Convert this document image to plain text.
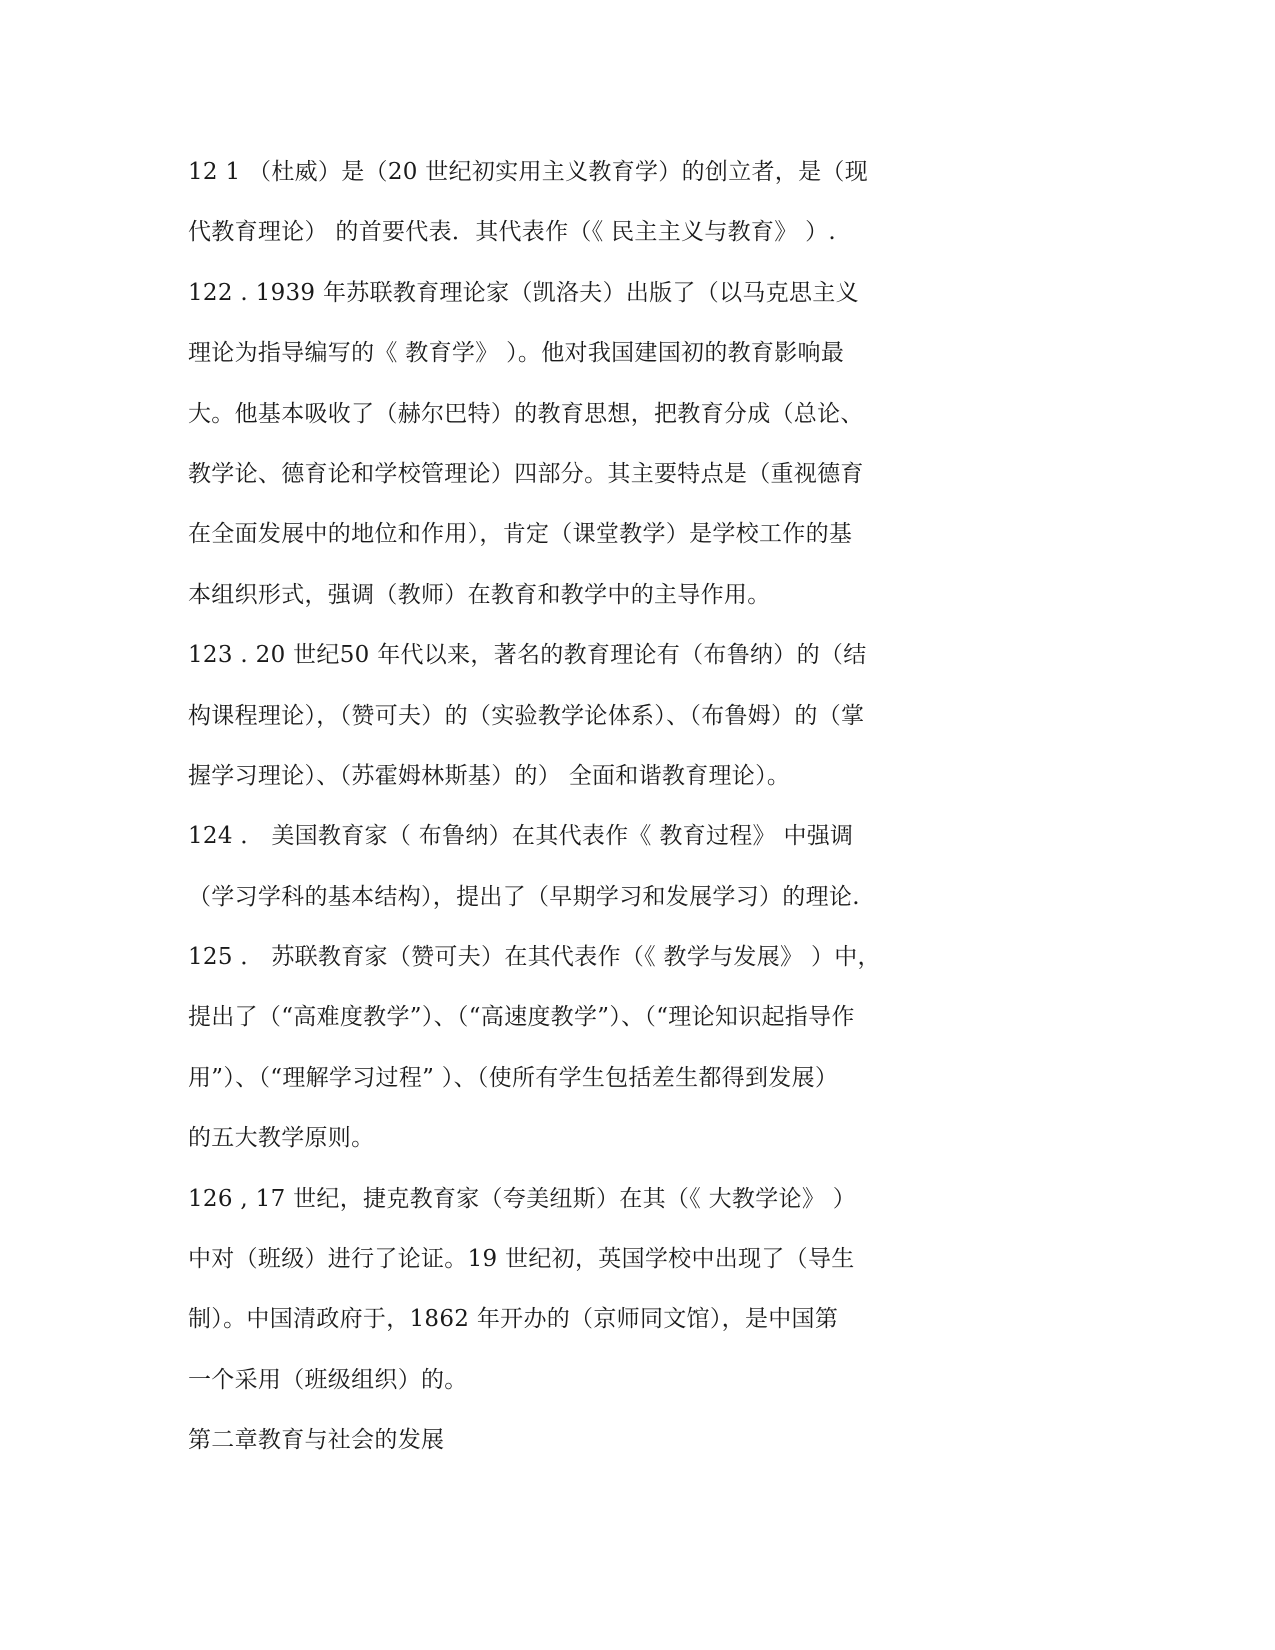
12 1 （杜威）是（20 世纪初实用主义教育学）的创立者，是（现
代教育理论） 的首要代表．其代表作（《 民主主义与教育》 ）.
122 . 1939 年苏联教育理论家（凯洛夫）出版了（以马克思主义
理论为指导编写的《 教育学》 ）。他对我国建国初的教育影响最
大。他基本吸收了（赫尔巴特）的教育思想，把教育分成（总论、
教学论、德育论和学校管理论）四部分。其主要特点是（重视德育
在全面发展中的地位和作用），肯定（课堂教学）是学校工作的基
本组织形式，强调（教师）在教育和教学中的主导作用。
123 . 20 世纪50 年代以来，著名的教育理论有（布鲁纳）的（结
构课程理论），（赞可夫）的（实验教学论体系）、（布鲁姆）的（掌
握学习理论）、（苏霍姆林斯基）的） 全面和谐教育理论）。
124 ． 美国教育家（ 布鲁纳）在其代表作《 教育过程》 中强调
（学习学科的基本结构），提出了（早期学习和发展学习）的理论.
125 ． 苏联教育家（赞可夫）在其代表作（《 教学与发展》 ）中，
提出了（“高难度教学”）、（“高速度教学”）、（“理论知识起指导作
用”）、（“理解学习过程” ）、（使所有学生包括差生都得到发展）
的五大教学原则。
126 , 17 世纪，捷克教育家（夸美纽斯）在其（《 大教学论》 ）
中对（班级）进行了论证。19 世纪初，英国学校中出现了（导生
制）。中国清政府于，1862 年开办的（京师同文馆），是中国第
一个采用（班级组织）的。
第二章教育与社会的发展
